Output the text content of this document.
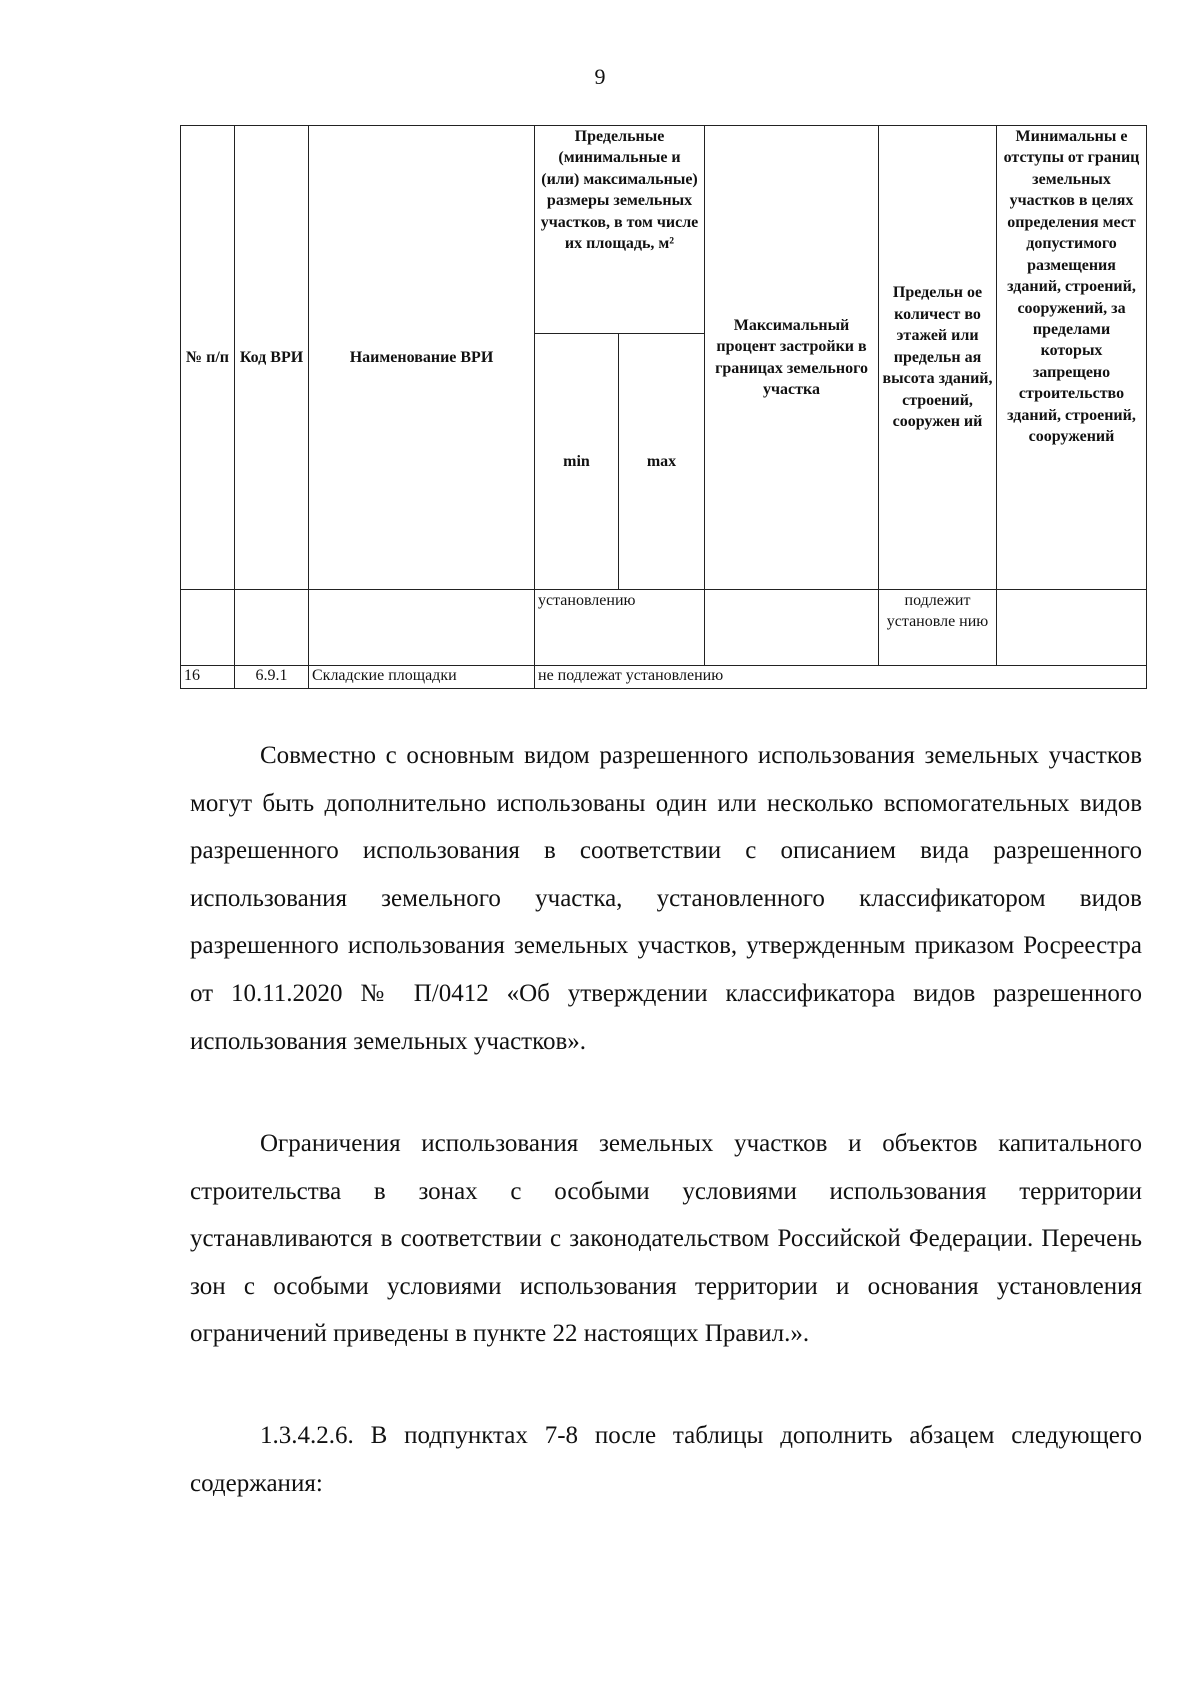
9
№ п/п	Код ВРИ	Наименование ВРИ	Предельные (минимальные и (или) максимальные) размеры земельных участков, в том числе их площадь, м²		Максимальный процент застройки в границах земельного участка	Предельн ое количест во этажей или предельн ая высота зданий, строений, сооружен ий	Минимальны е отступы от границ земельных участков в целях определения мест допустимого размещения зданий, строений, сооружений, за пределами которых запрещено строительство зданий, строений, сооружений
			min	max			
			установлению			подлежит установле нию	
16	6.9.1	Складские площадки	не подлежат установлению				

Совместно с основным видом разрешенного использования земельных участков могут быть дополнительно использованы один или несколько вспомогательных видов разрешенного использования в соответствии с описанием вида разрешенного использования земельного участка, установленного классификатором видов разрешенного использования земельных участков, утвержденным приказом Росреестра от 10.11.2020 № П/0412 «Об утверждении классификатора видов разрешенного использования земельных участков».

Ограничения использования земельных участков и объектов капитального строительства в зонах с особыми условиями использования территории устанавливаются в соответствии с законодательством Российской Федерации. Перечень зон с особыми условиями использования территории и основания установления ограничений приведены в пункте 22 настоящих Правил.».

1.3.4.2.6. В подпунктах 7-8 после таблицы дополнить абзацем следующего содержания:
